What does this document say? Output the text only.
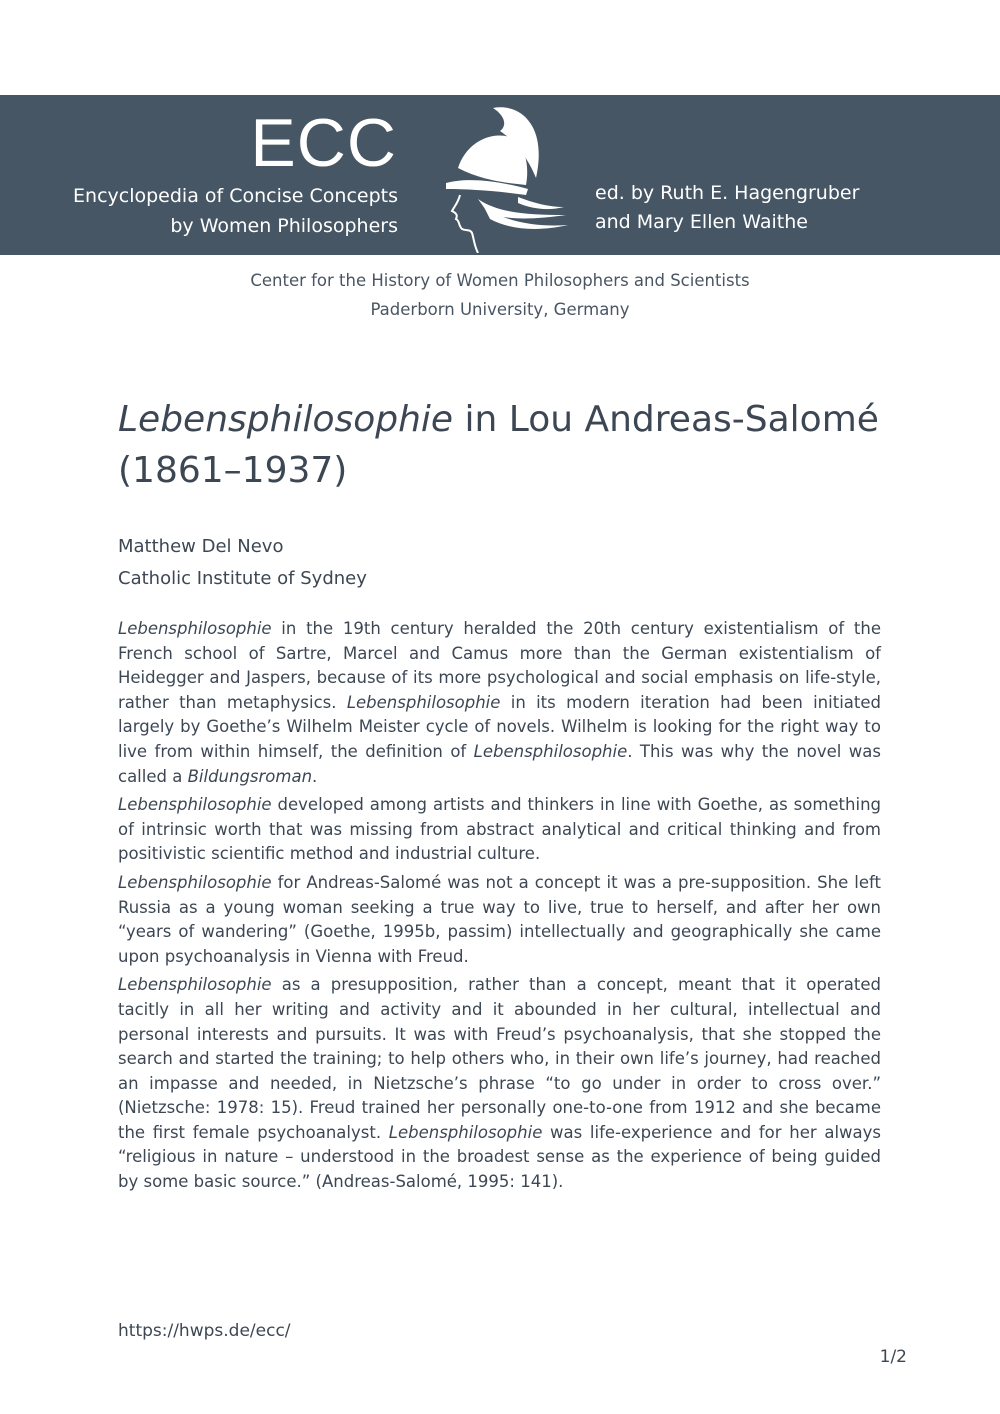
ECC
Encyclopedia of Concise Concepts
by Women Philosophers
ed. by Ruth E. Hagengruber
and Mary Ellen Waithe
Center for the History of Women Philosophers and Scientists
Paderborn University, Germany
Lebensphilosophie in Lou Andreas-Salomé
(1861–1937)
Matthew Del Nevo
Catholic Institute of Sydney

Lebensphilosophie in the 19th century heralded the 20th century existentialism of the French school of Sartre, Marcel and Camus more than the German existentialism of Heidegger and Jaspers, because of its more psychological and social emphasis on life-style, rather than metaphysics. Lebensphilosophie in its modern iteration had been initiated largely by Goethe’s Wilhelm Meister cycle of novels. Wilhelm is looking for the right way to live from within himself, the definition of Lebensphilosophie. This was why the novel was called a Bildungsroman.

Lebensphilosophie developed among artists and thinkers in line with Goethe, as something of intrinsic worth that was missing from abstract analytical and critical thinking and from positivistic scientific method and industrial culture.

Lebensphilosophie for Andreas-Salomé was not a concept it was a pre-supposition. She left Russia as a young woman seeking a true way to live, true to herself, and after her own “years of wandering” (Goethe, 1995b, passim) intellectually and geographically she came upon psychoanalysis in Vienna with Freud.

Lebensphilosophie as a presupposition, rather than a concept, meant that it operated tacitly in all her writing and activity and it abounded in her cultural, intellectual and personal interests and pursuits. It was with Freud’s psychoanalysis, that she stopped the search and started the training; to help others who, in their own life’s journey, had reached an impasse and needed, in Nietzsche’s phrase “to go under in order to cross over.” (Nietzsche: 1978: 15). Freud trained her personally one-to-one from 1912 and she became the first female psychoanalyst. Lebensphilosophie was life-experience and for her always “religious in nature – understood in the broadest sense as the experience of being guided by some basic source.” (Andreas-Salomé, 1995: 141).

https://hwps.de/ecc/
1/2
